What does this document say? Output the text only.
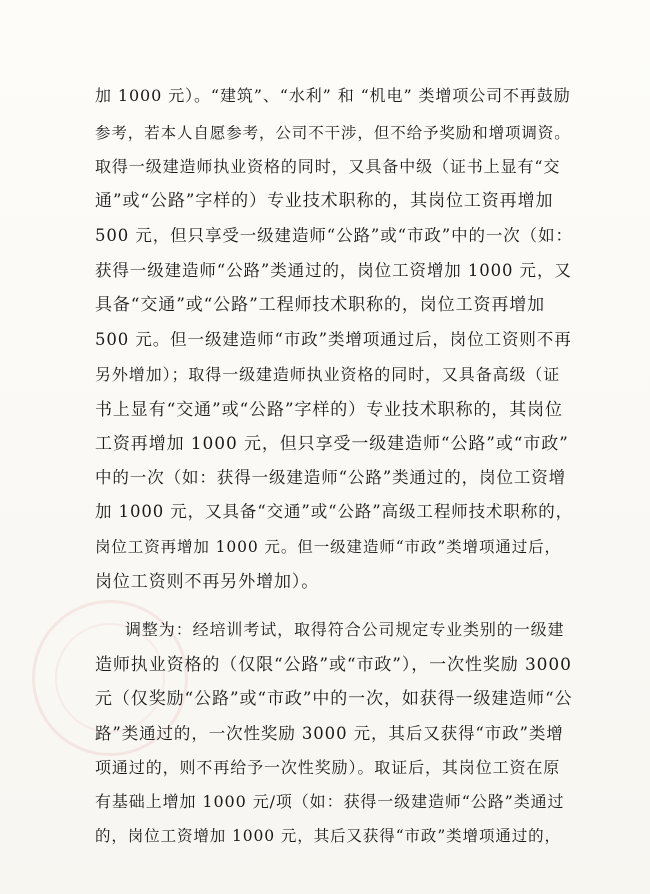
加 1000 元）。“建筑”、“水利” 和 “机电” 类增项公司不再鼓励
参考，若本人自愿参考，公司不干涉，但不给予奖励和增项调资。
取得一级建造师执业资格的同时，又具备中级（证书上显有“交
通”或“公路”字样的）专业技术职称的，其岗位工资再增加
500 元，但只享受一级建造师“公路”或“市政”中的一次（如：
获得一级建造师“公路”类通过的，岗位工资增加 1000 元，又
具备“交通”或“公路”工程师技术职称的，岗位工资再增加
500 元。但一级建造师“市政”类增项通过后，岗位工资则不再
另外增加）；取得一级建造师执业资格的同时，又具备高级（证
书上显有“交通”或“公路”字样的）专业技术职称的，其岗位
工资再增加 1000 元，但只享受一级建造师“公路”或“市政”
中的一次（如：获得一级建造师“公路”类通过的，岗位工资增
加 1000 元，又具备“交通”或“公路”高级工程师技术职称的，
岗位工资再增加 1000 元。但一级建造师“市政”类增项通过后，
岗位工资则不再另外增加）。
调整为：经培训考试，取得符合公司规定专业类别的一级建
造师执业资格的（仅限“公路”或“市政”），一次性奖励 3000
元（仅奖励“公路”或“市政”中的一次，如获得一级建造师“公
路”类通过的，一次性奖励 3000 元，其后又获得“市政”类增
项通过的，则不再给予一次性奖励）。取证后，其岗位工资在原
有基础上增加 1000 元/项（如：获得一级建造师“公路”类通过
的，岗位工资增加 1000 元，其后又获得“市政”类增项通过的，
